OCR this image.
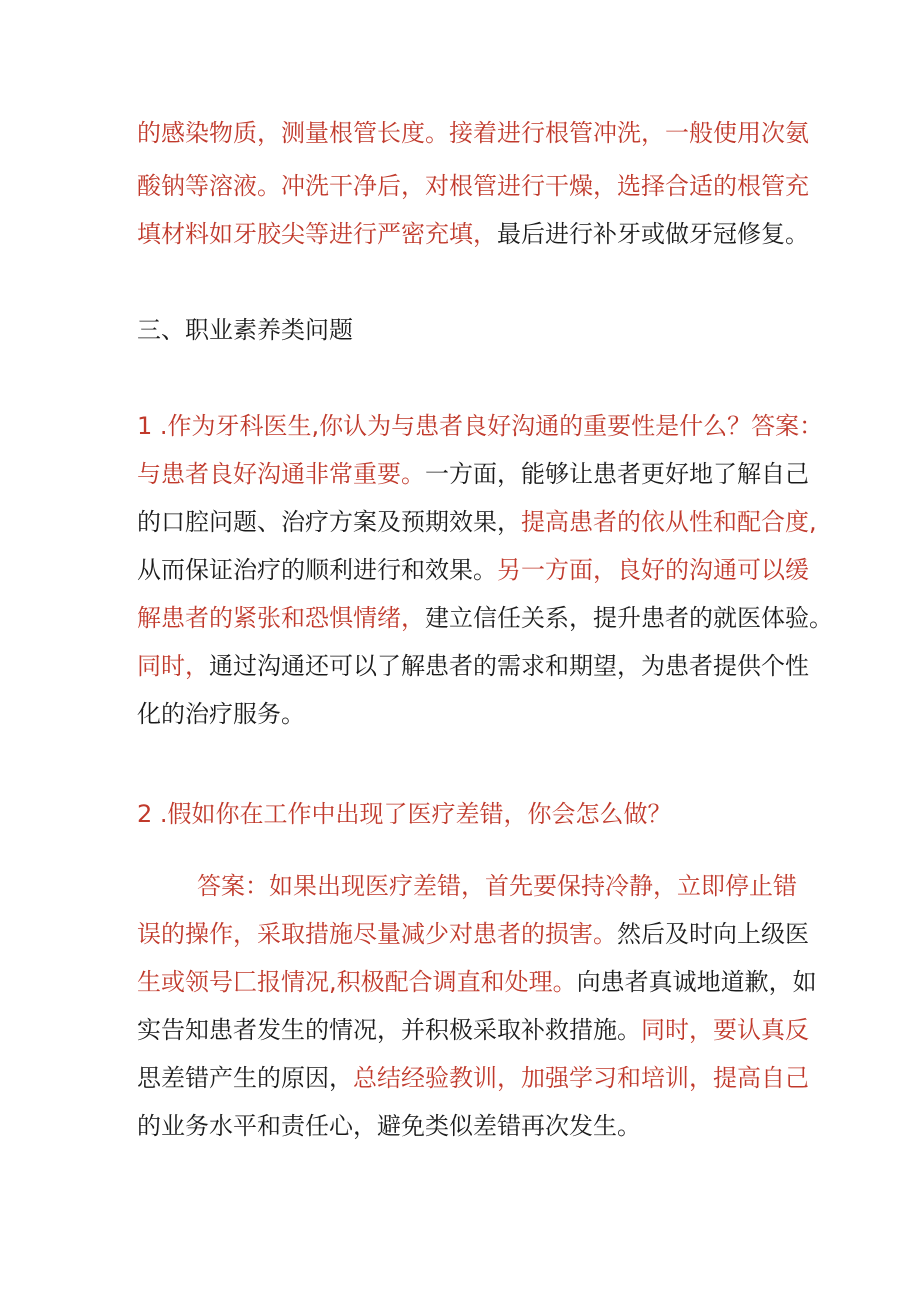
的感染物质，测量根管长度。接着进行根管冲洗，一般使用次氨
酸钠等溶液。冲洗干净后，对根管进行干燥，选择合适的根管充
填材料如牙胶尖等进行严密充填，最后进行补牙或做牙冠修复。
三、职业素养类问题
1 .作为牙科医生,你认为与患者良好沟通的重要性是什么？答案：
与患者良好沟通非常重要。一方面，能够让患者更好地了解自己
的口腔问题、治疗方案及预期效果，提高患者的依从性和配合度,
从而保证治疗的顺利进行和效果。另一方面，良好的沟通可以缓
解患者的紧张和恐惧情绪，建立信任关系，提升患者的就医体验。
同时，通过沟通还可以了解患者的需求和期望，为患者提供个性
化的治疗服务。
2 .假如你在工作中出现了医疗差错，你会怎么做？
答案：如果出现医疗差错，首先要保持冷静，立即停止错
误的操作，采取措施尽量减少对患者的损害。然后及时向上级医
生或领号匚报情况,积极配合调直和处理。向患者真诚地道歉，如
实告知患者发生的情况，并积极采取补救措施。同时，要认真反
思差错产生的原因，总结经验教训，加强学习和培训，提高自己
的业务水平和责任心，避免类似差错再次发生。
